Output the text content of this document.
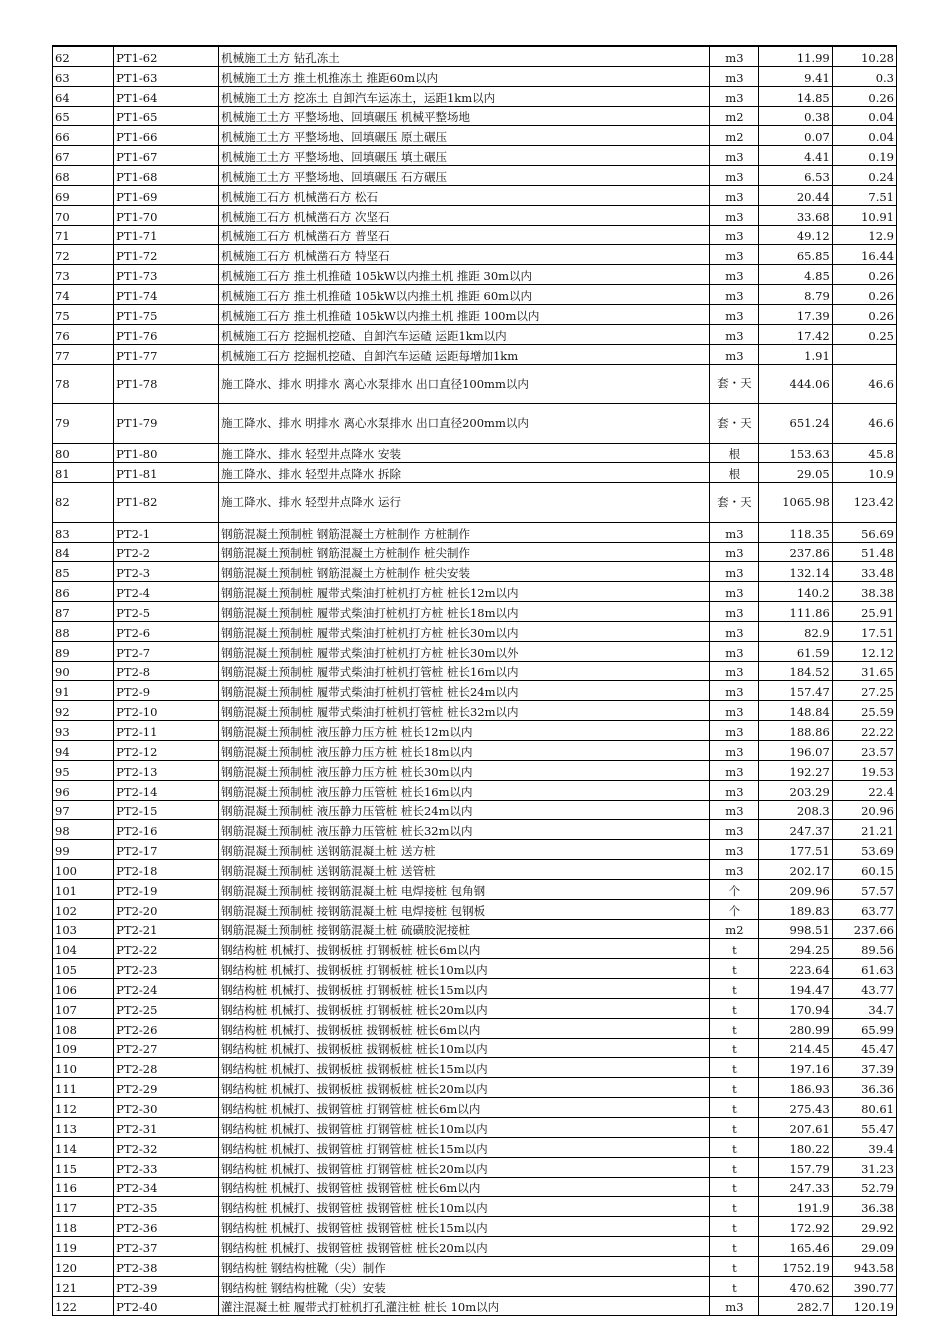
62	PT1-62	机械施工土方 钻孔冻土	m3	11.99	10.28
63	PT1-63	机械施工土方 推土机推冻土 推距60m以内	m3	9.41	0.3
64	PT1-64	机械施工土方 挖冻土 自卸汽车运冻土，运距1km以内	m3	14.85	0.26
65	PT1-65	机械施工土方 平整场地、回填碾压 机械平整场地	m2	0.38	0.04
66	PT1-66	机械施工土方 平整场地、回填碾压 原土碾压	m2	0.07	0.04
67	PT1-67	机械施工土方 平整场地、回填碾压 填土碾压	m3	4.41	0.19
68	PT1-68	机械施工土方 平整场地、回填碾压 石方碾压	m3	6.53	0.24
69	PT1-69	机械施工石方 机械凿石方 松石	m3	20.44	7.51
70	PT1-70	机械施工石方 机械凿石方 次坚石	m3	33.68	10.91
71	PT1-71	机械施工石方 机械凿石方 普坚石	m3	49.12	12.9
72	PT1-72	机械施工石方 机械凿石方 特坚石	m3	65.85	16.44
73	PT1-73	机械施工石方 推土机推碴 105kW以内推土机 推距 30m以内	m3	4.85	0.26
74	PT1-74	机械施工石方 推土机推碴 105kW以内推土机 推距 60m以内	m3	8.79	0.26
75	PT1-75	机械施工石方 推土机推碴 105kW以内推土机 推距 100m以内	m3	17.39	0.26
76	PT1-76	机械施工石方 挖掘机挖碴、自卸汽车运碴 运距1km以内	m3	17.42	0.25
77	PT1-77	机械施工石方 挖掘机挖碴、自卸汽车运碴 运距每增加1km	m3	1.91	
78	PT1-78	施工降水、排水 明排水 离心水泵排水 出口直径100mm以内	套・天	444.06	46.6
79	PT1-79	施工降水、排水 明排水 离心水泵排水 出口直径200mm以内	套・天	651.24	46.6
80	PT1-80	施工降水、排水 轻型井点降水 安装	根	153.63	45.8
81	PT1-81	施工降水、排水 轻型井点降水 拆除	根	29.05	10.9
82	PT1-82	施工降水、排水 轻型井点降水 运行	套・天	1065.98	123.42
83	PT2-1	钢筋混凝土预制桩 钢筋混凝土方桩制作 方桩制作	m3	118.35	56.69
84	PT2-2	钢筋混凝土预制桩 钢筋混凝土方桩制作 桩尖制作	m3	237.86	51.48
85	PT2-3	钢筋混凝土预制桩 钢筋混凝土方桩制作 桩尖安装	m3	132.14	33.48
86	PT2-4	钢筋混凝土预制桩 履带式柴油打桩机打方桩 桩长12m以内	m3	140.2	38.38
87	PT2-5	钢筋混凝土预制桩 履带式柴油打桩机打方桩 桩长18m以内	m3	111.86	25.91
88	PT2-6	钢筋混凝土预制桩 履带式柴油打桩机打方桩 桩长30m以内	m3	82.9	17.51
89	PT2-7	钢筋混凝土预制桩 履带式柴油打桩机打方桩 桩长30m以外	m3	61.59	12.12
90	PT2-8	钢筋混凝土预制桩 履带式柴油打桩机打管桩 桩长16m以内	m3	184.52	31.65
91	PT2-9	钢筋混凝土预制桩 履带式柴油打桩机打管桩 桩长24m以内	m3	157.47	27.25
92	PT2-10	钢筋混凝土预制桩 履带式柴油打桩机打管桩 桩长32m以内	m3	148.84	25.59
93	PT2-11	钢筋混凝土预制桩 液压静力压方桩 桩长12m以内	m3	188.86	22.22
94	PT2-12	钢筋混凝土预制桩 液压静力压方桩 桩长18m以内	m3	196.07	23.57
95	PT2-13	钢筋混凝土预制桩 液压静力压方桩 桩长30m以内	m3	192.27	19.53
96	PT2-14	钢筋混凝土预制桩 液压静力压管桩 桩长16m以内	m3	203.29	22.4
97	PT2-15	钢筋混凝土预制桩 液压静力压管桩 桩长24m以内	m3	208.3	20.96
98	PT2-16	钢筋混凝土预制桩 液压静力压管桩 桩长32m以内	m3	247.37	21.21
99	PT2-17	钢筋混凝土预制桩 送钢筋混凝土桩 送方桩	m3	177.51	53.69
100	PT2-18	钢筋混凝土预制桩 送钢筋混凝土桩 送管桩	m3	202.17	60.15
101	PT2-19	钢筋混凝土预制桩 接钢筋混凝土桩 电焊接桩 包角钢	个	209.96	57.57
102	PT2-20	钢筋混凝土预制桩 接钢筋混凝土桩 电焊接桩 包钢板	个	189.83	63.77
103	PT2-21	钢筋混凝土预制桩 接钢筋混凝土桩 硫磺胶泥接桩	m2	998.51	237.66
104	PT2-22	钢结构桩 机械打、拔钢板桩 打钢板桩 桩长6m以内	t	294.25	89.56
105	PT2-23	钢结构桩 机械打、拔钢板桩 打钢板桩 桩长10m以内	t	223.64	61.63
106	PT2-24	钢结构桩 机械打、拔钢板桩 打钢板桩 桩长15m以内	t	194.47	43.77
107	PT2-25	钢结构桩 机械打、拔钢板桩 打钢板桩 桩长20m以内	t	170.94	34.7
108	PT2-26	钢结构桩 机械打、拔钢板桩 拔钢板桩 桩长6m以内	t	280.99	65.99
109	PT2-27	钢结构桩 机械打、拔钢板桩 拔钢板桩 桩长10m以内	t	214.45	45.47
110	PT2-28	钢结构桩 机械打、拔钢板桩 拔钢板桩 桩长15m以内	t	197.16	37.39
111	PT2-29	钢结构桩 机械打、拔钢板桩 拔钢板桩 桩长20m以内	t	186.93	36.36
112	PT2-30	钢结构桩 机械打、拔钢管桩 打钢管桩 桩长6m以内	t	275.43	80.61
113	PT2-31	钢结构桩 机械打、拔钢管桩 打钢管桩 桩长10m以内	t	207.61	55.47
114	PT2-32	钢结构桩 机械打、拔钢管桩 打钢管桩 桩长15m以内	t	180.22	39.4
115	PT2-33	钢结构桩 机械打、拔钢管桩 打钢管桩 桩长20m以内	t	157.79	31.23
116	PT2-34	钢结构桩 机械打、拔钢管桩 拔钢管桩 桩长6m以内	t	247.33	52.79
117	PT2-35	钢结构桩 机械打、拔钢管桩 拔钢管桩 桩长10m以内	t	191.9	36.38
118	PT2-36	钢结构桩 机械打、拔钢管桩 拔钢管桩 桩长15m以内	t	172.92	29.92
119	PT2-37	钢结构桩 机械打、拔钢管桩 拔钢管桩 桩长20m以内	t	165.46	29.09
120	PT2-38	钢结构桩 钢结构桩靴（尖）制作	t	1752.19	943.58
121	PT2-39	钢结构桩 钢结构桩靴（尖）安装	t	470.62	390.77
122	PT2-40	灌注混凝土桩 履带式打桩机打孔灌注桩 桩长 10m以内	m3	282.7	120.19
